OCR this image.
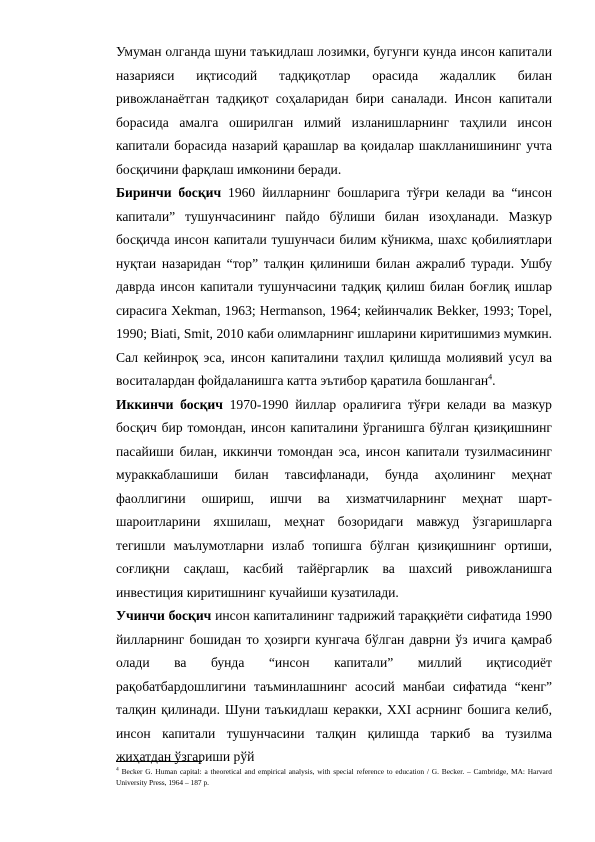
Умуман олганда шуни таъкидлаш лозимки, бугунги кунда инсон капитали назарияси иқтисодий тадқиқотлар орасида жадаллик билан ривожланаётган тадқиқот соҳаларидан бири саналади. Инсон капитали борасида амалга оширилган илмий изланишларнинг таҳлили инсон капитали борасида назарий қарашлар ва қоидалар шаклланишининг учта босқичини фарқлаш имконини беради.

Биринчи босқич 1960 йилларнинг бошларига тўғри келади ва “инсон капитали” тушунчасининг пайдо бўлиши билан изоҳланади. Мазкур босқичда инсон капитали тушунчаси билим кўникма, шахс қобилиятлари нуқтаи назаридан “тор” талқин қилиниши билан ажралиб туради. Ушбу даврда инсон капитали тушунчасини тадқиқ қилиш билан боғлиқ ишлар сирасига Xekman, 1963; Hermanson, 1964; кейинчалик Bekker, 1993; Topel, 1990; Biati, Smit, 2010 каби олимларнинг ишларини киритишимиз мумкин. Сал кейинроқ эса, инсон капиталини таҳлил қилишда молиявий усул ва воситалардан фойдаланишга катта эътибор қаратила бошланган$^4$.

Иккинчи босқич 1970-1990 йиллар оралиғига тўғри келади ва мазкур босқич бир томондан, инсон капиталини ўрганишга бўлган қизиқишнинг пасайиши билан, иккинчи томондан эса, инсон капитали тузилмасининг мураккаблашиши билан тавсифланади, бунда аҳолининг меҳнат фаоллигини ошириш, ишчи ва хизматчиларнинг меҳнат шарт-шароитларини яхшилаш, меҳнат бозоридаги мавжуд ўзгаришларга тегишли маълумотларни излаб топишга бўлган қизиқишнинг ортиши, соғлиқни сақлаш, касбий тайёргарлик ва шахсий ривожланишга инвестиция киритишнинг кучайиши кузатилади.

Учинчи босқич инсон капиталининг тадрижий тараққиёти сифатида 1990 йилларнинг бошидан то ҳозирги кунгача бўлган даврни ўз ичига қамраб олади ва бунда “инсон капитали” миллий иқтисодиёт рақобатбардошлигини таъминлашнинг асосий манбаи сифатида “кенг” талқин қилинади. Шуни таъкидлаш керакки, XXI асрнинг бошига келиб, инсон капитали тушунчасини талқин қилишда таркиб ва тузилма жиҳатдан ўзгариши рўй

$^4$ Becker G. Human capital: a theoretical and empirical analysis, with special reference to education / G. Becker. – Cambridge, MA: Harvard University Press, 1964 – 187 p.
